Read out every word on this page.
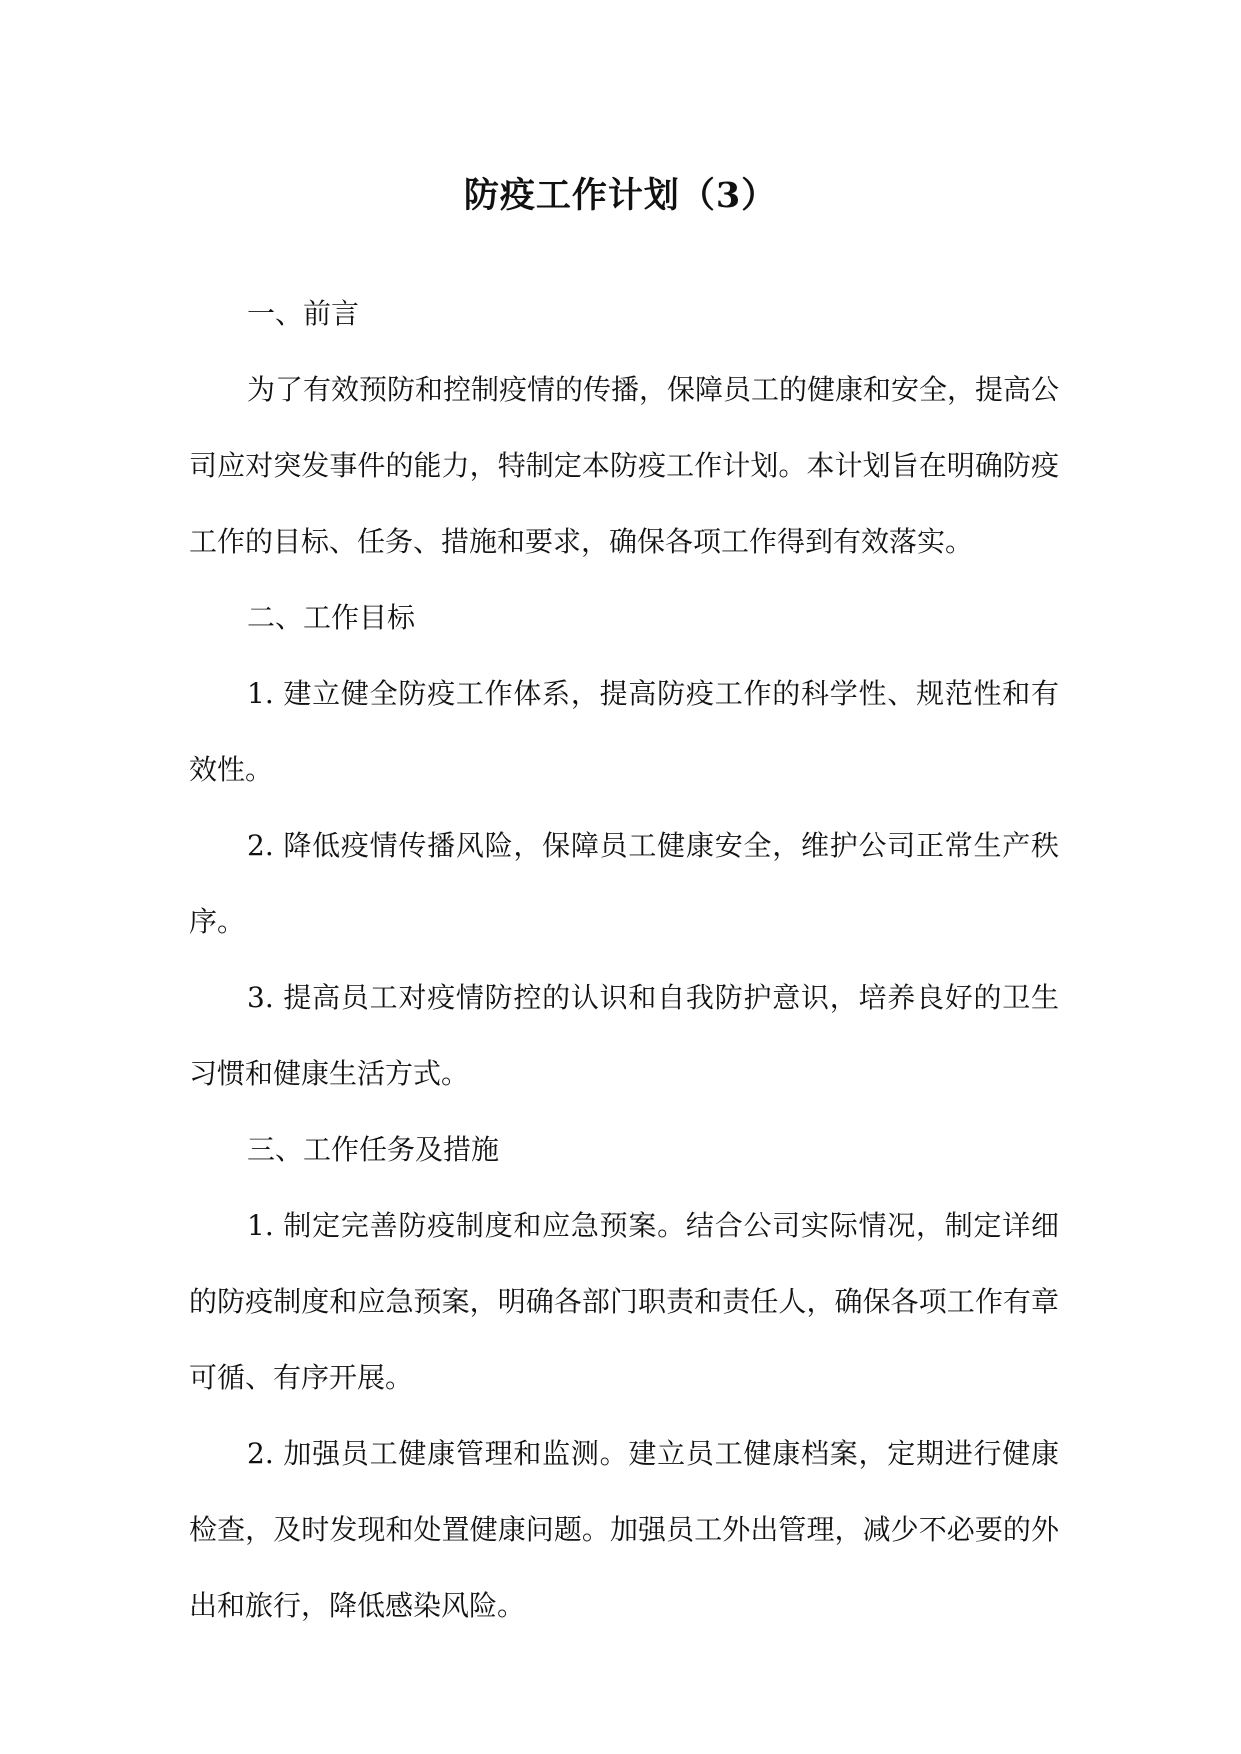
防疫工作计划（3）

一、前言

为了有效预防和控制疫情的传播，保障员工的健康和安全，提高公司应对突发事件的能力，特制定本防疫工作计划。本计划旨在明确防疫工作的目标、任务、措施和要求，确保各项工作得到有效落实。

二、工作目标

1. 建立健全防疫工作体系，提高防疫工作的科学性、规范性和有效性。

2. 降低疫情传播风险，保障员工健康安全，维护公司正常生产秩序。

3. 提高员工对疫情防控的认识和自我防护意识，培养良好的卫生习惯和健康生活方式。

三、工作任务及措施

1. 制定完善防疫制度和应急预案。结合公司实际情况，制定详细的防疫制度和应急预案，明确各部门职责和责任人，确保各项工作有章可循、有序开展。

2. 加强员工健康管理和监测。建立员工健康档案，定期进行健康检查，及时发现和处置健康问题。加强员工外出管理，减少不必要的外出和旅行，降低感染风险。
